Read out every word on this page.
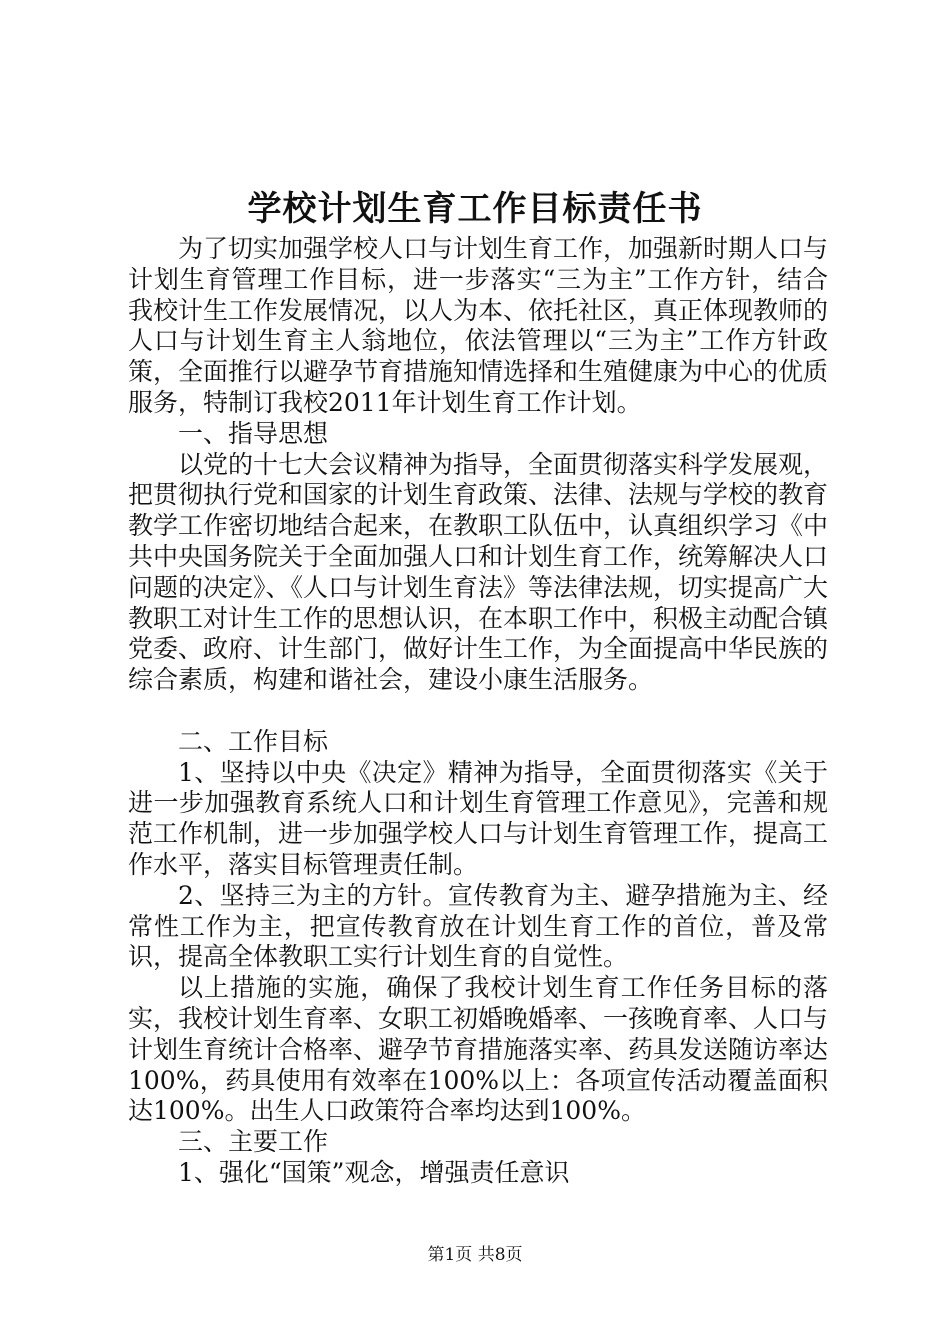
学校计划生育工作目标责任书

为了切实加强学校人口与计划生育工作，加强新时期人口与计划生育管理工作目标，进一步落实“三为主”工作方针，结合我校计生工作发展情况，以人为本、依托社区，真正体现教师的人口与计划生育主人翁地位，依法管理以“三为主”工作方针政策，全面推行以避孕节育措施知情选择和生殖健康为中心的优质服务，特制订我校2011年计划生育工作计划。

一、指导思想

以党的十七大会议精神为指导，全面贯彻落实科学发展观，把贯彻执行党和国家的计划生育政策、法律、法规与学校的教育教学工作密切地结合起来，在教职工队伍中，认真组织学习《中共中央国务院关于全面加强人口和计划生育工作，统筹解决人口问题的决定》、《人口与计划生育法》等法律法规，切实提高广大教职工对计生工作的思想认识，在本职工作中，积极主动配合镇党委、政府、计生部门，做好计生工作，为全面提高中华民族的综合素质，构建和谐社会，建设小康生活服务。

二、工作目标

1、坚持以中央《决定》精神为指导，全面贯彻落实《关于进一步加强教育系统人口和计划生育管理工作意见》，完善和规范工作机制，进一步加强学校人口与计划生育管理工作，提高工作水平，落实目标管理责任制。

2、坚持三为主的方针。宣传教育为主、避孕措施为主、经常性工作为主，把宣传教育放在计划生育工作的首位，普及常识，提高全体教职工实行计划生育的自觉性。

以上措施的实施，确保了我校计划生育工作任务目标的落实，我校计划生育率、女职工初婚晚婚率、一孩晚育率、人口与计划生育统计合格率、避孕节育措施落实率、药具发送随访率达100%，药具使用有效率在100%以上：各项宣传活动覆盖面积达100%。出生人口政策符合率均达到100%。

三、主要工作

1、强化“国策”观念，增强责任意识

第1页 共8页
